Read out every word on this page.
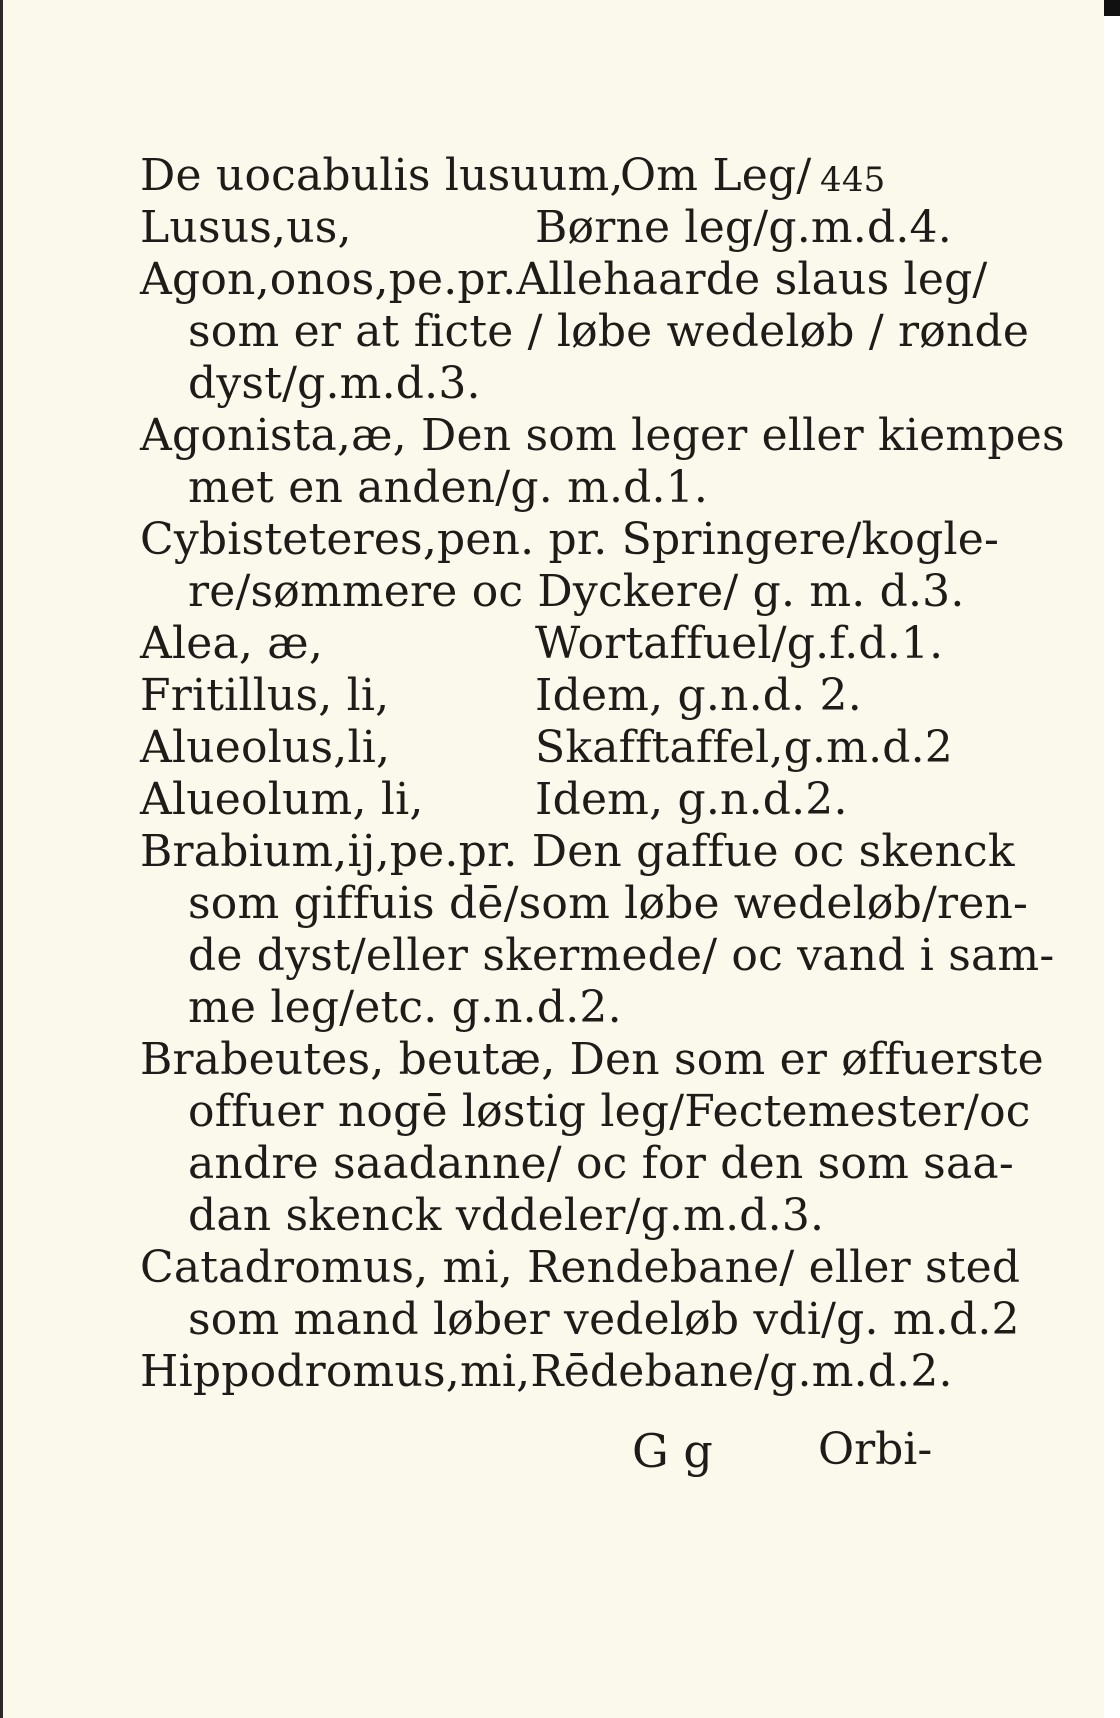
De uocabulis lusuum,
Om Leg/ 445
Lusus,us,	Børne leg/g.m.d.4.
Agon,onos,pe.pr.Allehaarde slaus leg/
som er at ficte / løbe wedeløb / rønde
dyst/g.m.d.3.
Agonista,æ, Den som leger eller kiempes
met en anden/g. m.d.1.
Cybisteteres,pen. pr. Springere/kogle-
re/sømmere oc Dyckere/ g. m. d.3.
Alea, æ,	Wortaffuel/g.f.d.1.
Fritillus, li,	Idem, g.n.d. 2.
Alueolus,li,	Skafftaffel,g.m.d.2
Alueolum, li,	Idem, g.n.d.2.
Brabium,ij,pe.pr. Den gaffue oc skenck
som giffuis dē/som løbe wedeløb/ren-
de dyst/eller skermede/ oc vand i sam-
me leg/etc. g.n.d.2.
Brabeutes, beutæ, Den som er øffuerste
offuer nogē løstig leg/Fectemester/oc
andre saadanne/ oc for den som saa-
dan skenck vddeler/g.m.d.3.
Catadromus, mi, Rendebane/ eller sted
som mand løber vedeløb vdi/g. m.d.2
Hippodromus,mi,Rēdebane/g.m.d.2.
G g Orbi-
